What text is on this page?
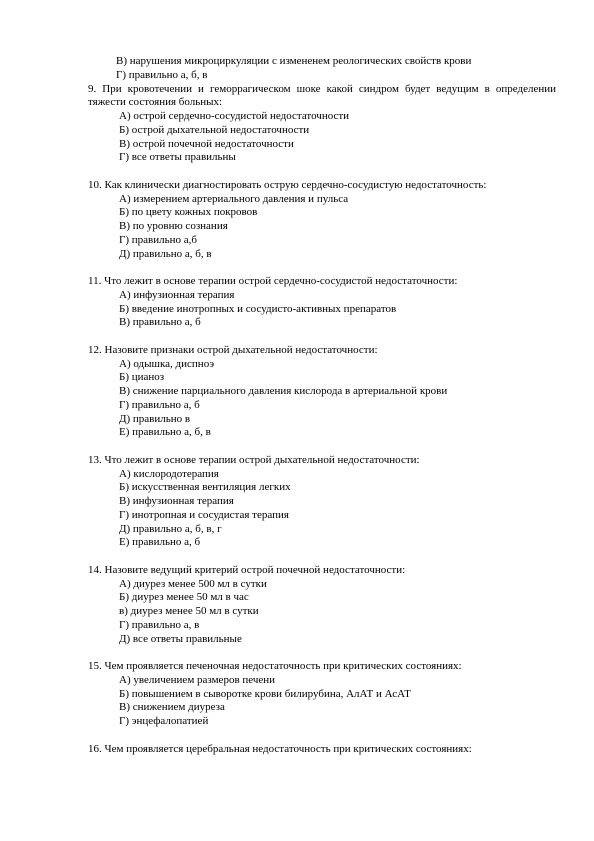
В) нарушения микроциркуляции с измененем реологических свойств крови
Г) правильно а, б, в
9. При кровотечении и геморрагическом шоке какой синдром будет ведущим в определении тяжести состояния больных:
А) острой сердечно-сосудистой недостаточности
Б) острой дыхательной недостаточности
В) острой почечной недостаточности
Г) все ответы правильны
10. Как клинически диагностировать острую сердечно-сосудистую недостаточность:
А) измерением артериального давления и пульса
Б) по цвету кожных покровов
В) по уровню сознания
Г) правильно а,б
Д) правильно а, б, в
11. Что лежит в основе терапии острой сердечно-сосудистой недостаточности:
А) инфузионная терапия
Б) введение инотропных и сосудисто-активных препаратов
В) правильно а, б
12. Назовите признаки острой дыхательной недостаточности:
А) одышка, диспноэ
Б) цианоз
В) снижение парциального давления кислорода в артериальной крови
Г) правильно а, б
Д) правильно в
Е) правильно а, б, в
13. Что лежит в основе терапии острой дыхательной недостаточности:
А) кислородотерапия
Б) искусственная вентиляция легких
В) инфузионная терапия
Г) инотропная и сосудистая терапия
Д) правильно а, б, в, г
Е) правильно а, б
14. Назовите ведущий критерий острой почечной недостаточности:
А) диурез менее 500 мл в сутки
Б) диурез менее 50 мл в час
в) диурез менее 50 мл в сутки
Г) правильно а, в
Д) все ответы правильные
15. Чем проявляется печеночная недостаточность при критических состояниях:
А) увеличением размеров печени
Б) повышением в сыворотке крови билирубина, АлАТ и АсАТ
В) снижением диуреза
Г) энцефалопатией
16. Чем проявляется церебральная недостаточность при критических состояниях:
